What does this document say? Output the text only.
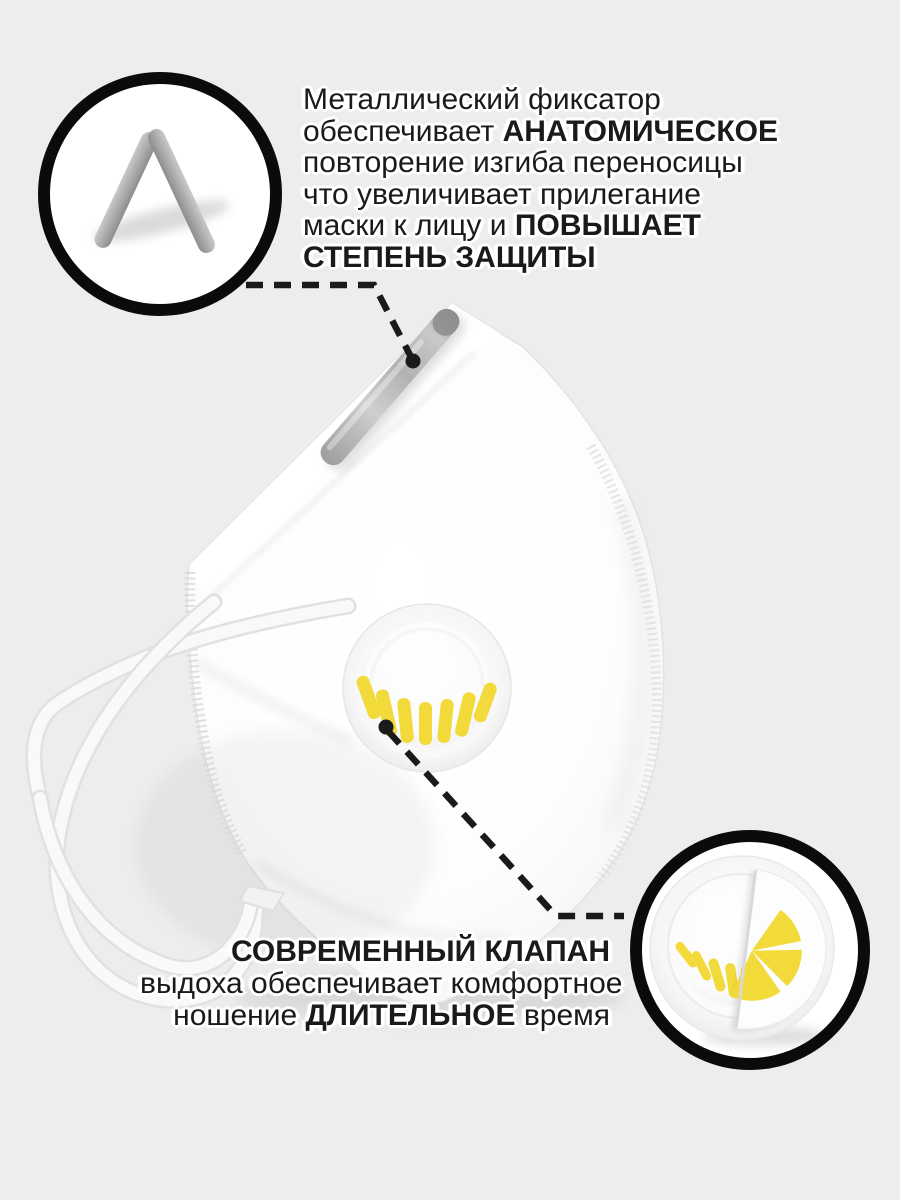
Металлический фиксатор
обеспечивает АНАТОМИЧЕСКОЕ
повторение изгиба переносицы
что увеличивает прилегание
маски к лицу и ПОВЫШАЕТ
СТЕПЕНЬ ЗАЩИТЫ
СОВРЕМЕННЫЙ КЛАПАН
выдоха обеспечивает комфортное
ношение ДЛИТЕЛЬНОЕ время
